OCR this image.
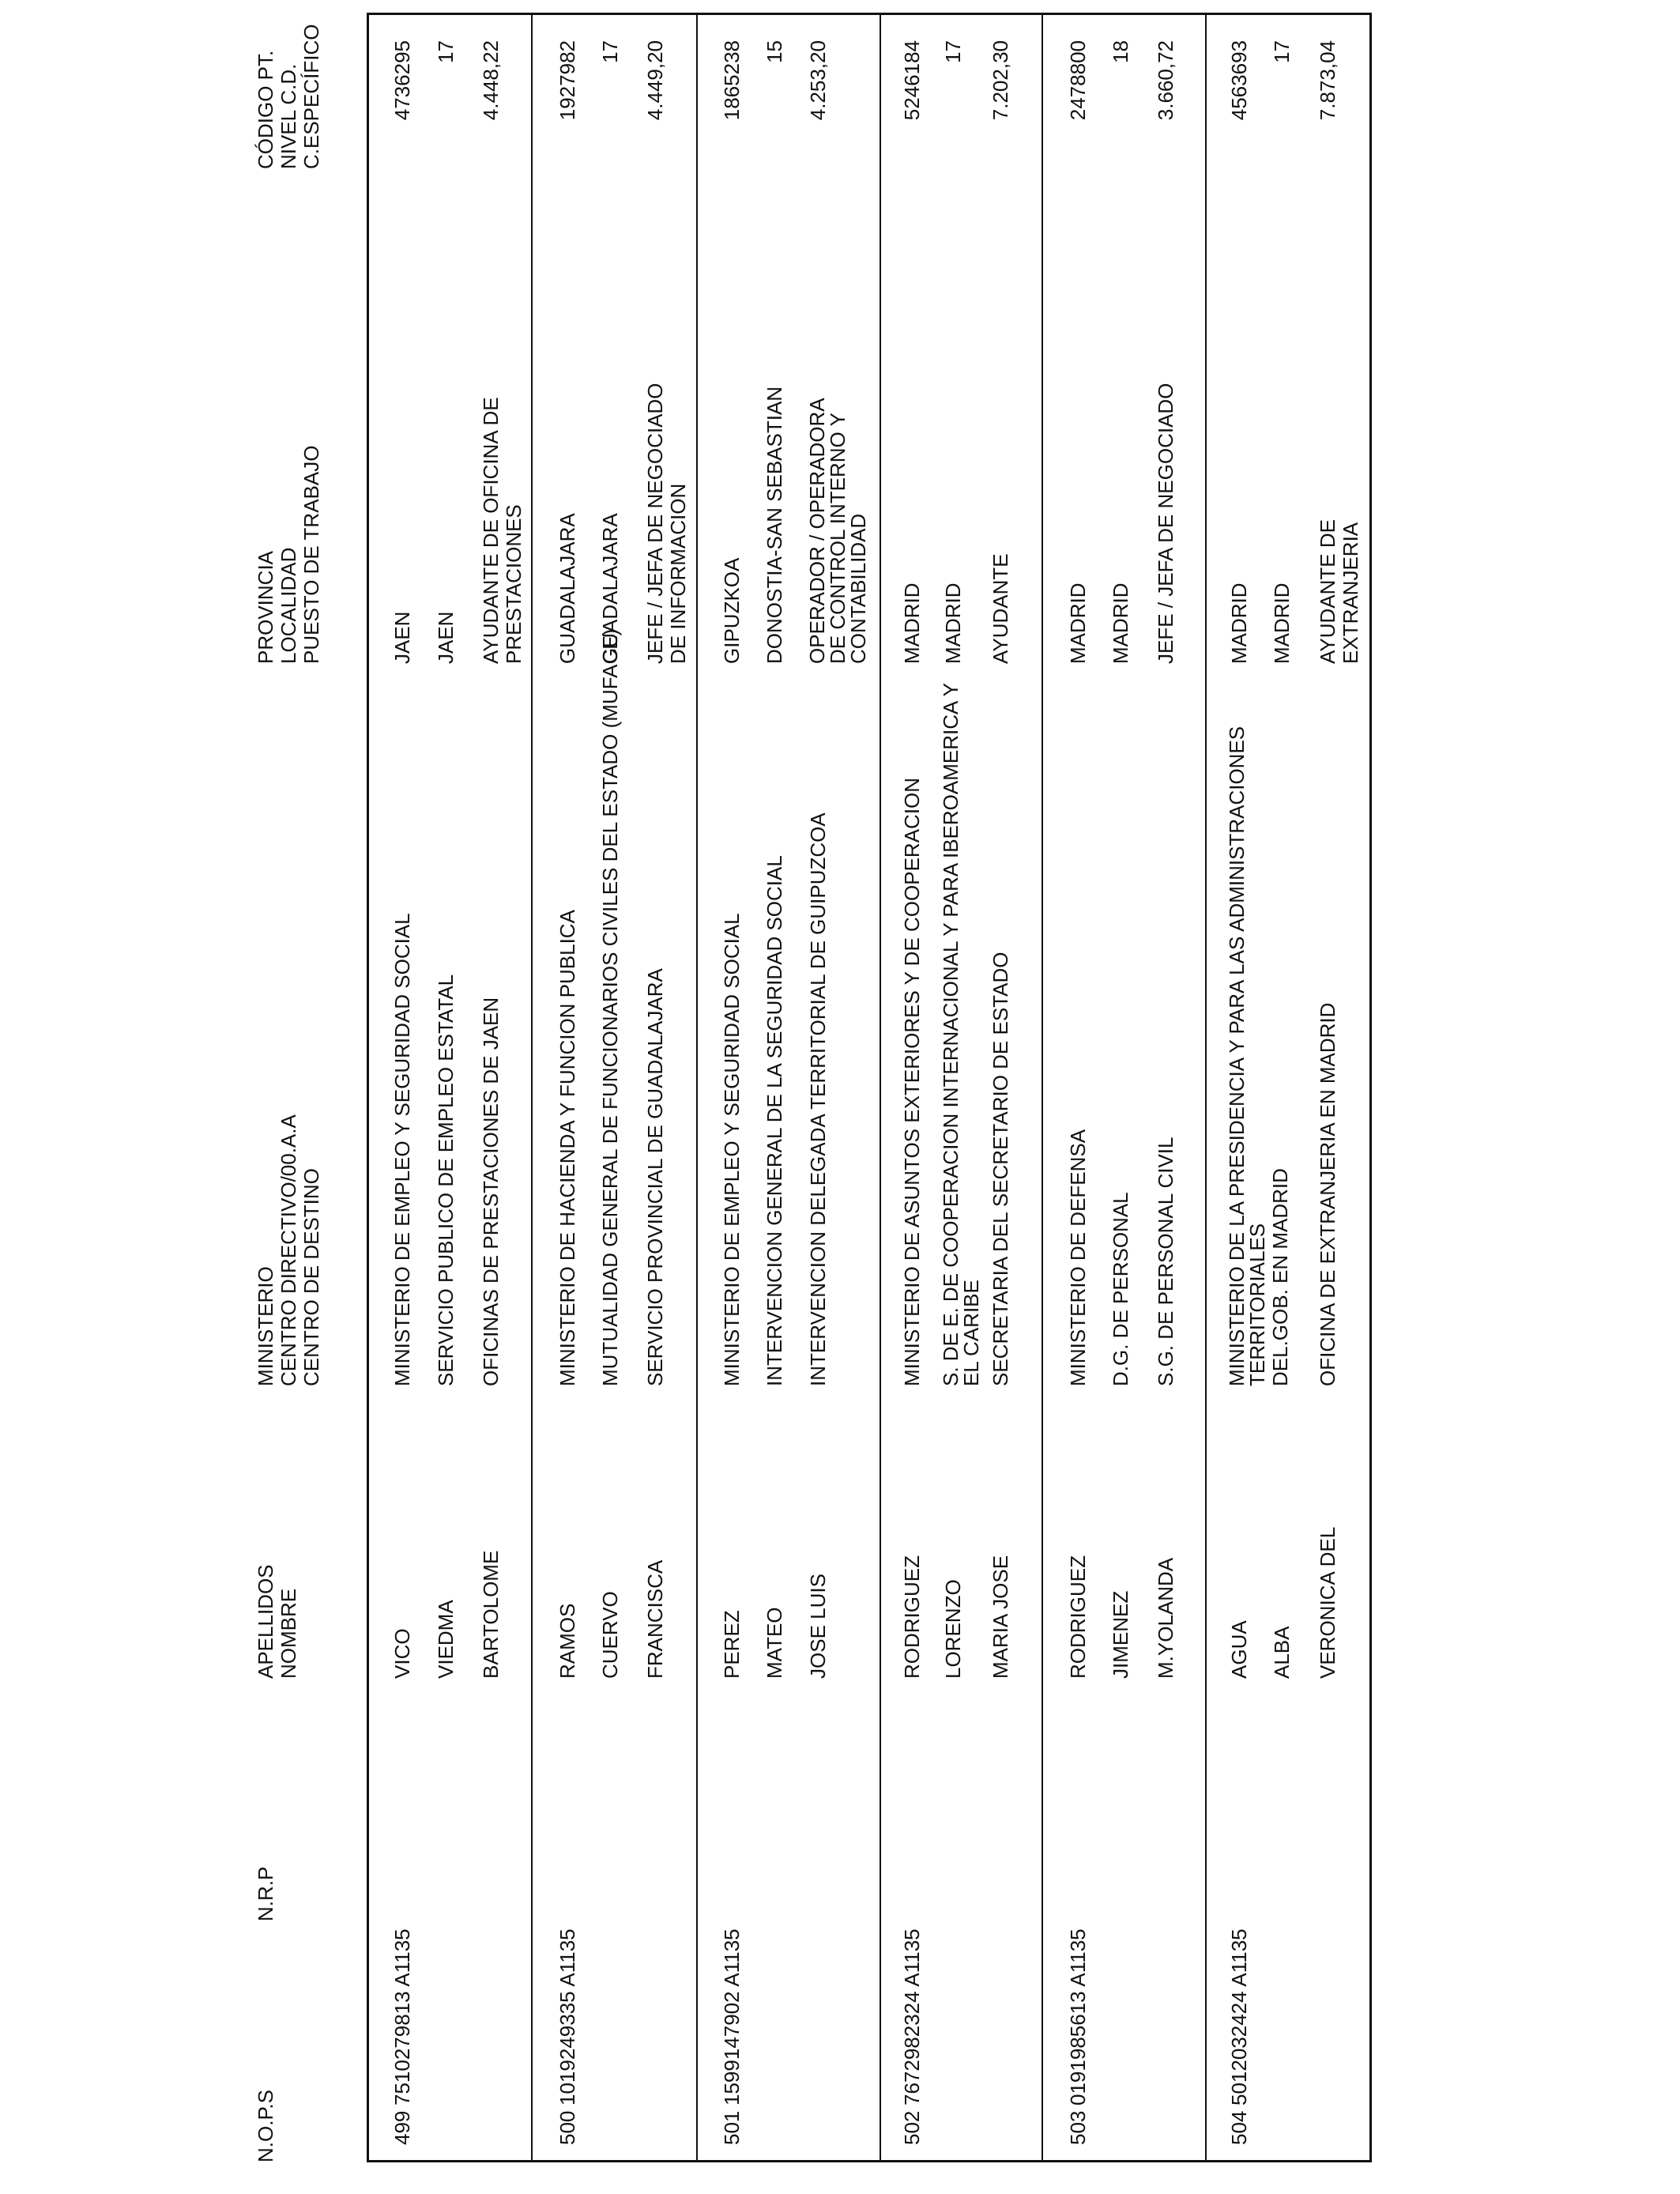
N.O.P.S
N.R.P
APELLIDOS NOMBRE
MINISTERIO CENTRO DIRECTIVO/00.A.A CENTRO DE DESTINO
PROVINCIA LOCALIDAD PUESTO DE TRABAJO
CÓDIGO PT. NIVEL C.D. C.ESPECÍFICO
499
7510279813 A1135
VICO VIEDMA BARTOLOME
MINISTERIO DE EMPLEO Y SEGURIDAD SOCIAL SERVICIO PUBLICO DE EMPLEO ESTATAL OFICINAS DE PRESTACIONES DE JAEN
JAEN JAEN AYUDANTE DE OFICINA DE PRESTACIONES
4736295 17 4.448,22
500
1019249335 A1135
RAMOS CUERVO FRANCISCA
MINISTERIO DE HACIENDA Y FUNCION PUBLICA MUTUALIDAD GENERAL DE FUNCIONARIOS CIVILES DEL ESTADO (MUFACE) SERVICIO PROVINCIAL DE GUADALAJARA
GUADALAJARA GUADALAJARA JEFE / JEFA DE NEGOCIADO DE INFORMACION
1927982 17 4.449,20
501
1599147902 A1135
PEREZ MATEO JOSE LUIS
MINISTERIO DE EMPLEO Y SEGURIDAD SOCIAL INTERVENCION GENERAL DE LA SEGURIDAD SOCIAL INTERVENCION DELEGADA TERRITORIAL DE GUIPUZCOA
GIPUZKOA DONOSTIA-SAN SEBASTIAN OPERADOR / OPERADORA DE CONTROL INTERNO Y CONTABILIDAD
1865238 15 4.253,20
502
7672982324 A1135
RODRIGUEZ LORENZO MARIA JOSE
MINISTERIO DE ASUNTOS EXTERIORES Y DE COOPERACION S. DE E. DE COOPERACION INTERNACIONAL Y PARA IBEROAMERICA Y EL CARIBE SECRETARIA DEL SECRETARIO DE ESTADO
MADRID MADRID AYUDANTE
5246184 17 7.202,30
503
0191985613 A1135
RODRIGUEZ JIMENEZ M.YOLANDA
MINISTERIO DE DEFENSA D.G. DE PERSONAL S.G. DE PERSONAL CIVIL
MADRID MADRID JEFE / JEFA DE NEGOCIADO
2478800 18 3.660,72
504
5012032424 A1135
AGUA ALBA VERONICA DEL
MINISTERIO DE LA PRESIDENCIA Y PARA LAS ADMINISTRACIONES TERRITORIALES DEL.GOB. EN MADRID OFICINA DE EXTRANJERIA EN MADRID
MADRID MADRID AYUDANTE DE EXTRANJERIA
4563693 17 7.873,04
